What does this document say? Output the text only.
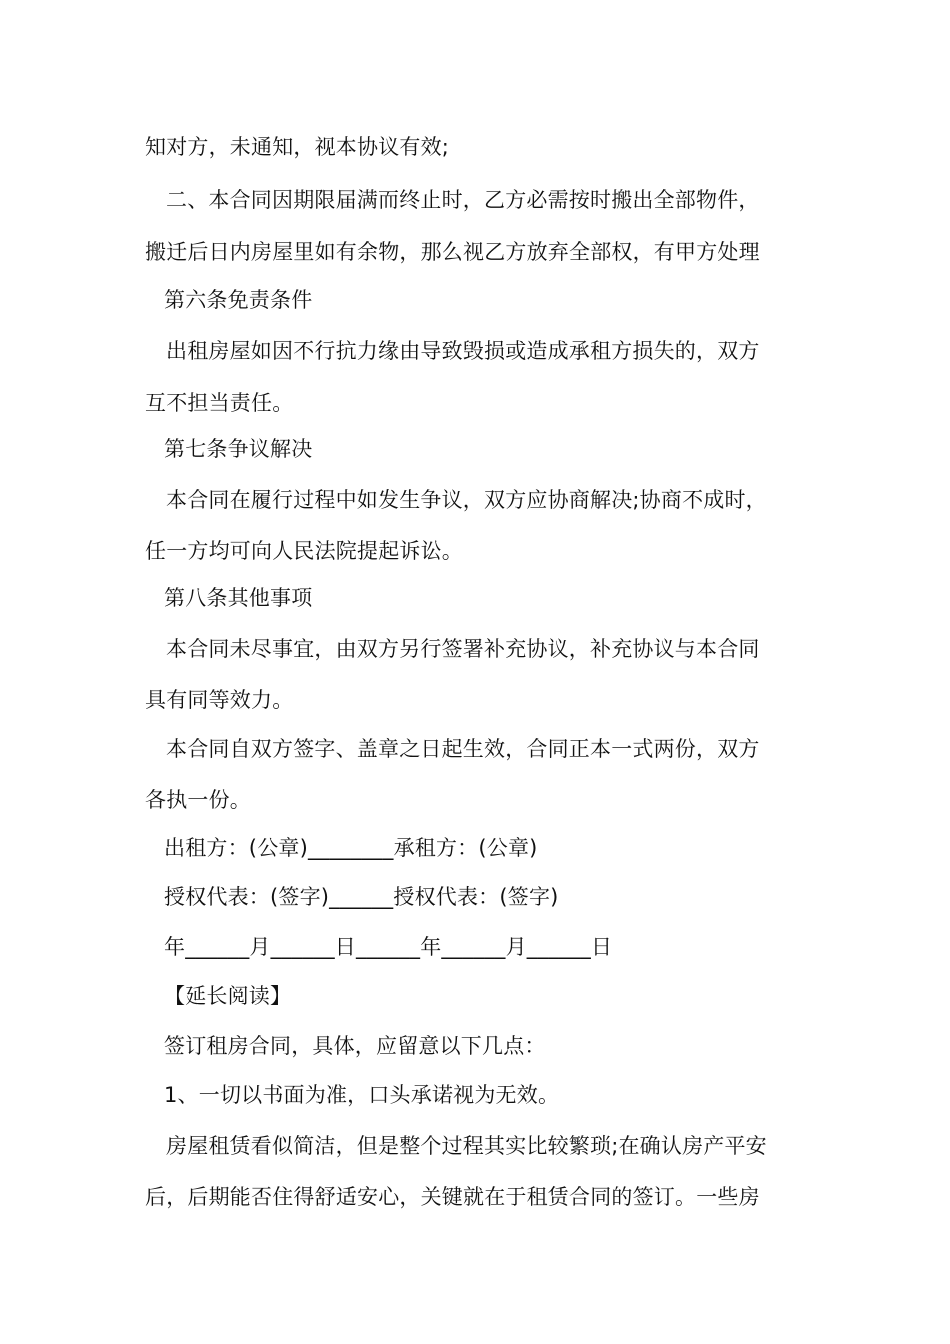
知对方，未通知，视本协议有效;
二、本合同因期限届满而终止时，乙方必需按时搬出全部物件，
搬迁后日内房屋里如有余物，那么视乙方放弃全部权，有甲方处理
第六条免责条件
出租房屋如因不行抗力缘由导致毁损或造成承租方损失的，双方
互不担当责任。
第七条争议解决
本合同在履行过程中如发生争议，双方应协商解决;协商不成时，
任一方均可向人民法院提起诉讼。
第八条其他事项
本合同未尽事宜，由双方另行签署补充协议，补充协议与本合同
具有同等效力。
本合同自双方签字、盖章之日起生效，合同正本一式两份，双方
各执一份。
出租方：(公章)________承租方：(公章)
授权代表：(签字)______授权代表：(签字)
年______月______日______年______月______日
【延长阅读】
签订租房合同，具体，应留意以下几点：
1、一切以书面为准，口头承诺视为无效。
房屋租赁看似简洁，但是整个过程其实比较繁琐;在确认房产平安
后，后期能否住得舒适安心，关键就在于租赁合同的签订。一些房
